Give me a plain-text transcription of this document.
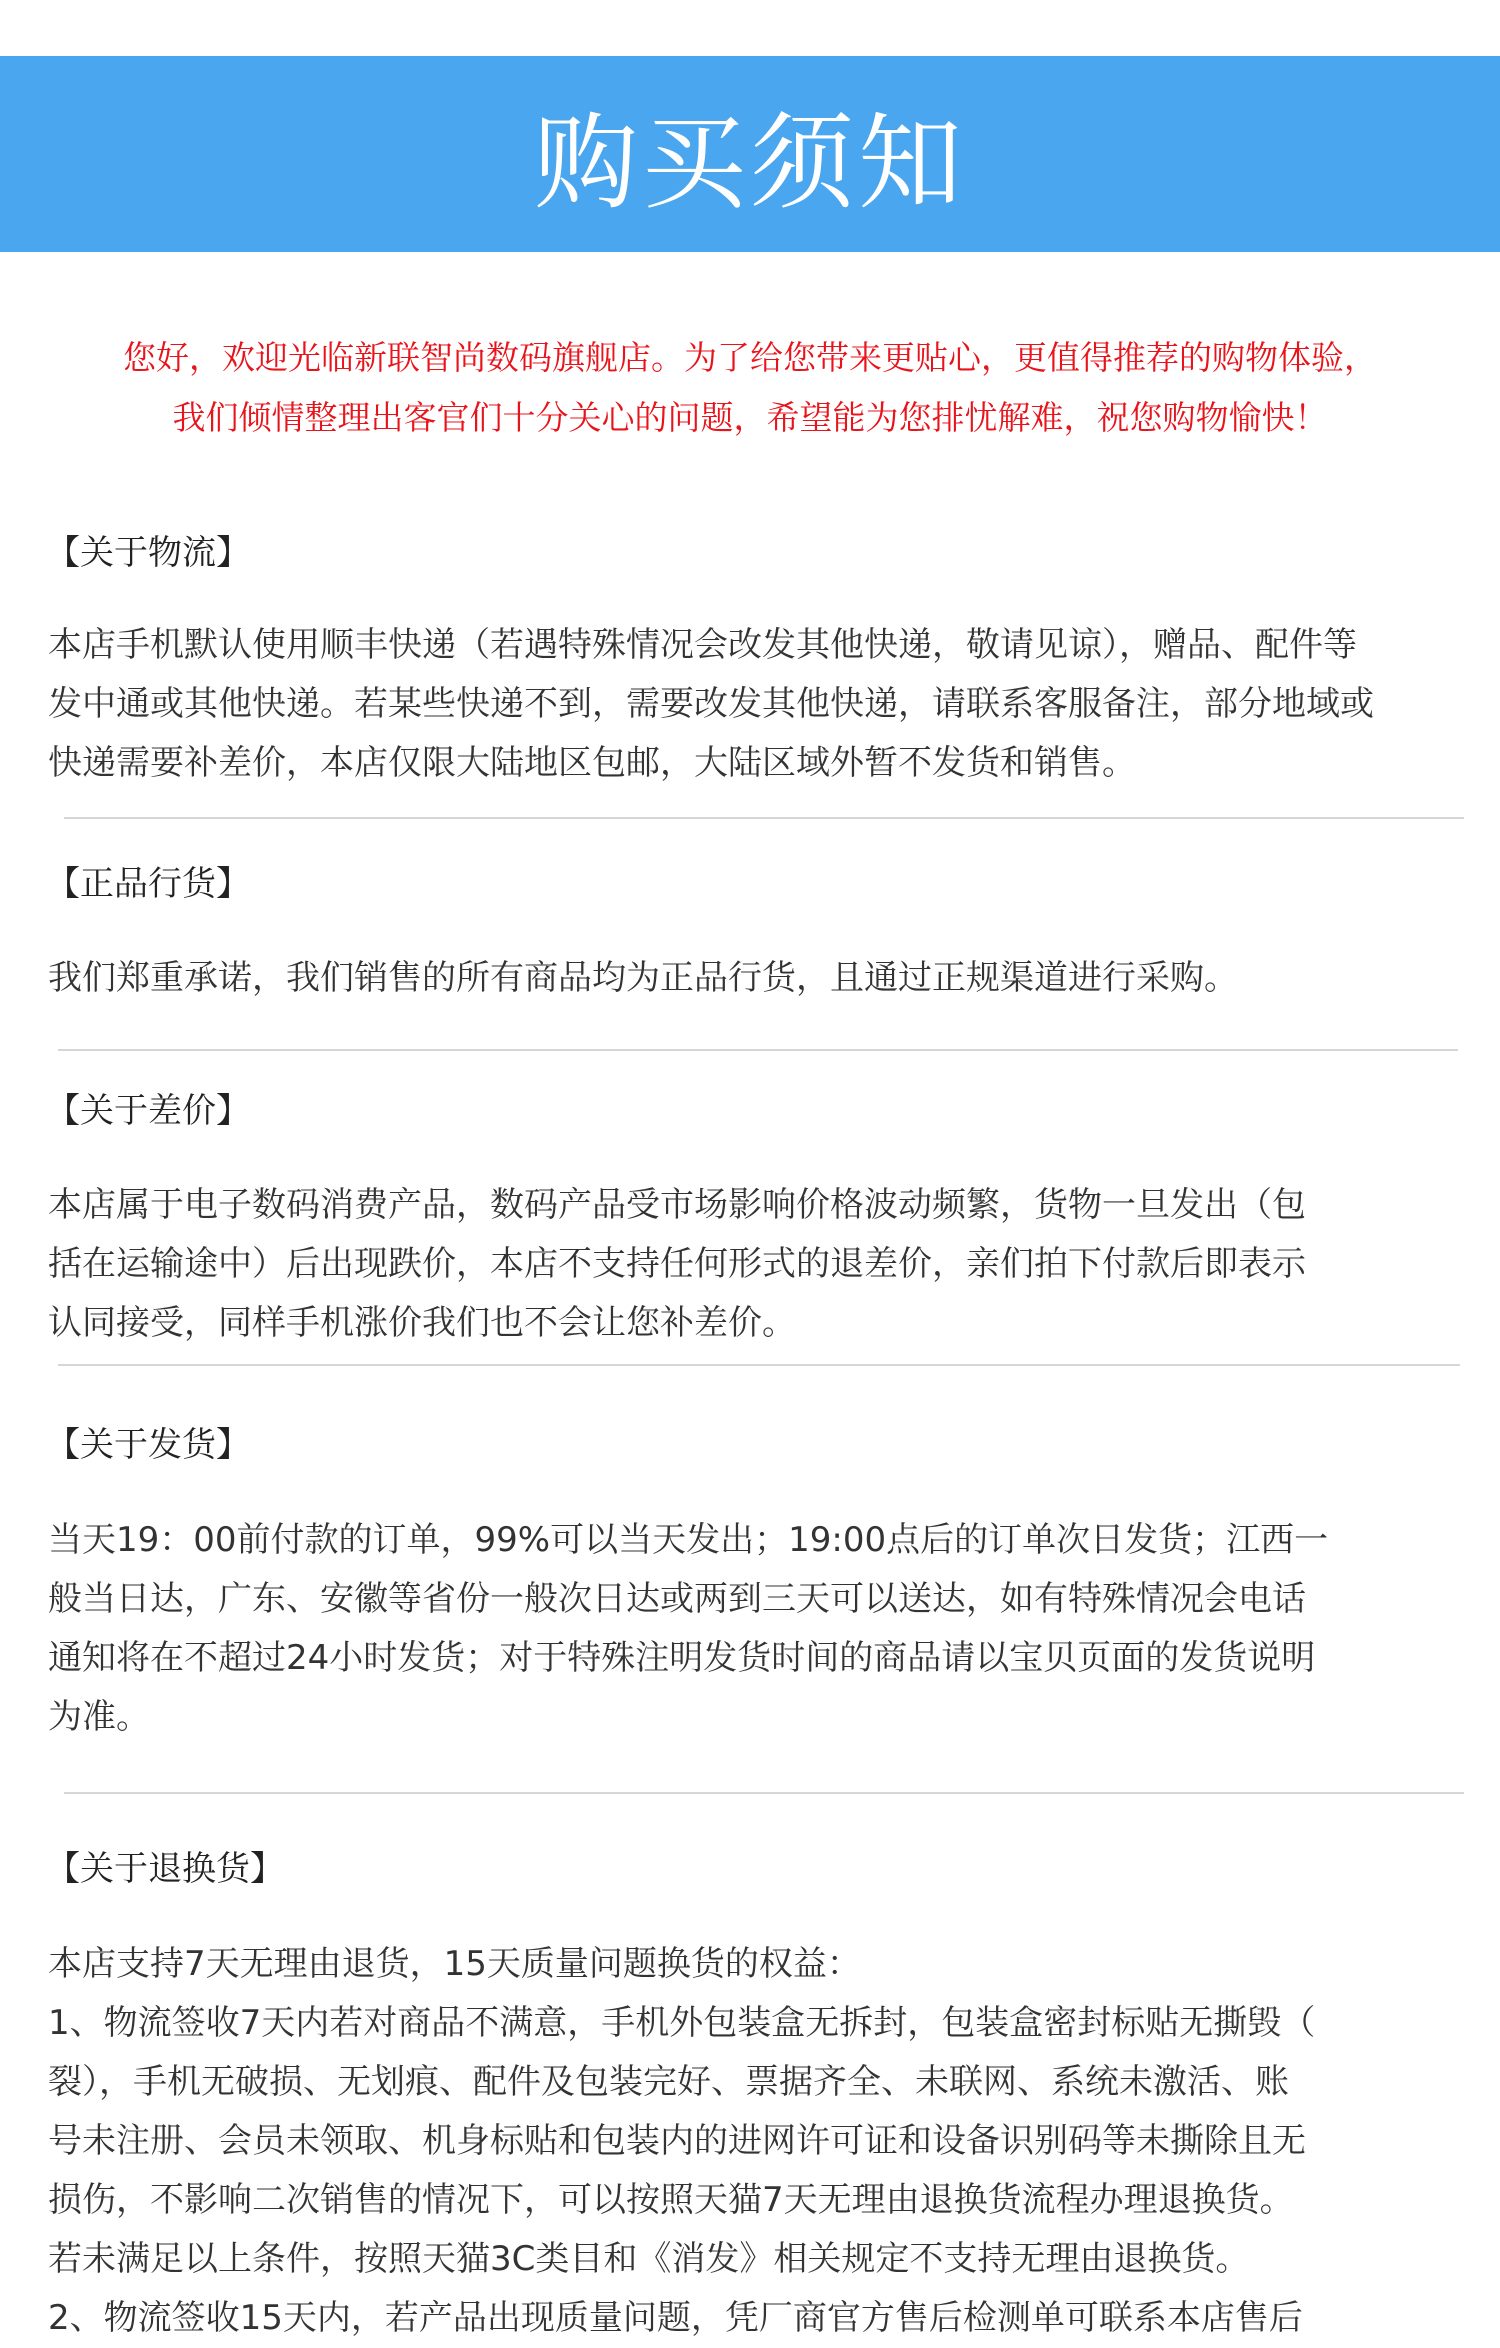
购买须知
您好，欢迎光临新联智尚数码旗舰店。为了给您带来更贴心，更值得推荐的购物体验，
我们倾情整理出客官们十分关心的问题，希望能为您排忧解难，祝您购物愉快！
【关于物流】
本店手机默认使用顺丰快递（若遇特殊情况会改发其他快递，敬请见谅），赠品、配件等
发中通或其他快递。若某些快递不到，需要改发其他快递，请联系客服备注，部分地域或
快递需要补差价，本店仅限大陆地区包邮，大陆区域外暂不发货和销售。
【正品行货】
我们郑重承诺，我们销售的所有商品均为正品行货，且通过正规渠道进行采购。
【关于差价】
本店属于电子数码消费产品，数码产品受市场影响价格波动频繁，货物一旦发出（包
括在运输途中）后出现跌价，本店不支持任何形式的退差价，亲们拍下付款后即表示
认同接受，同样手机涨价我们也不会让您补差价。
【关于发货】
当天19：00前付款的订单，99%可以当天发出；19:00点后的订单次日发货；江西一
般当日达，广东、安徽等省份一般次日达或两到三天可以送达，如有特殊情况会电话
通知将在不超过24小时发货；对于特殊注明发货时间的商品请以宝贝页面的发货说明
为准。
【关于退换货】
本店支持7天无理由退货，15天质量问题换货的权益：
1、物流签收7天内若对商品不满意，手机外包装盒无拆封，包装盒密封标贴无撕毁（
裂），手机无破损、无划痕、配件及包装完好、票据齐全、未联网、系统未激活、账
号未注册、会员未领取、机身标贴和包装内的进网许可证和设备识别码等未撕除且无
损伤，不影响二次销售的情况下，可以按照天猫7天无理由退换货流程办理退换货。
若未满足以上条件，按照天猫3C类目和《消发》相关规定不支持无理由退换货。
2、物流签收15天内，若产品出现质量问题，凭厂商官方售后检测单可联系本店售后
